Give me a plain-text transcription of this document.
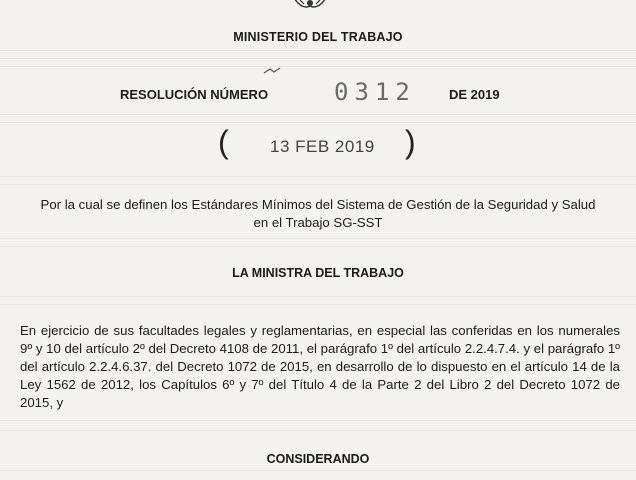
MINISTERIO DEL TRABAJO
RESOLUCIÓN NÚMERO	0312	DE 2019
( 13 FEB 2019 )
Por la cual se definen los Estándares Mínimos del Sistema de Gestión de la Seguridad y Salud en el Trabajo SG-SST
LA MINISTRA DEL TRABAJO
En ejercicio de sus facultades legales y reglamentarias, en especial las conferidas en los numerales 9º y 10 del artículo 2º del Decreto 4108 de 2011, el parágrafo 1º del artículo 2.2.4.7.4. y el parágrafo 1º del artículo 2.2.4.6.37. del Decreto 1072 de 2015, en desarrollo de lo dispuesto en el artículo 14 de la Ley 1562 de 2012, los Capítulos 6º y 7º del Título 4 de la Parte 2 del Libro 2 del Decreto 1072 de 2015, y
CONSIDERANDO
